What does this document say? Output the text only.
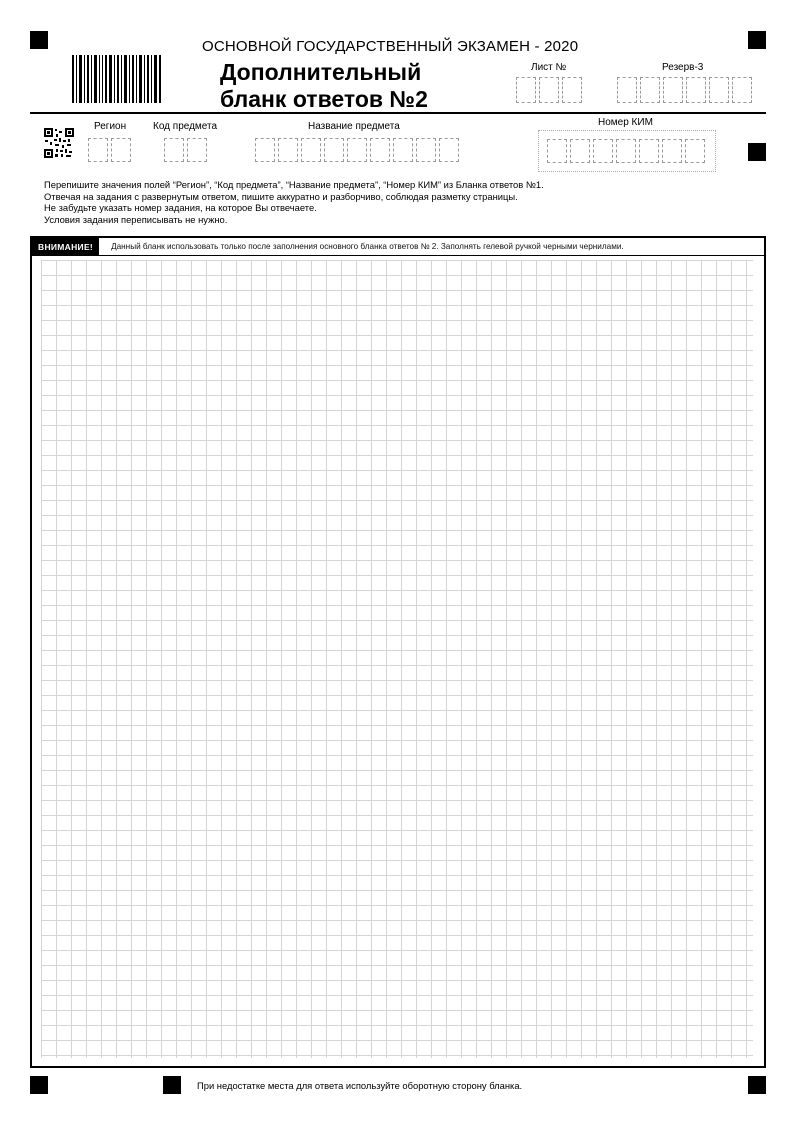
ОСНОВНОЙ ГОСУДАРСТВЕННЫЙ ЭКЗАМЕН - 2020
Дополнительный
бланк ответов №2
Лист №	Резерв-3
Регион	Код предмета	Название предмета	Номер КИМ
Перепишите значения полей “Регион”, “Код предмета”, “Название предмета”, “Номер КИМ” из Бланка ответов №1.
Отвечая на задания с развернутым ответом, пишите аккуратно и разборчиво, соблюдая разметку страницы.
Не забудьте указать номер задания, на которое Вы отвечаете.
Условия задания переписывать не нужно.
ВНИМАНИЕ!	Данный бланк использовать только после заполнения основного бланка ответов № 2. Заполнять гелевой ручкой черными чернилами.
При недостатке места для ответа используйте оборотную сторону бланка.
